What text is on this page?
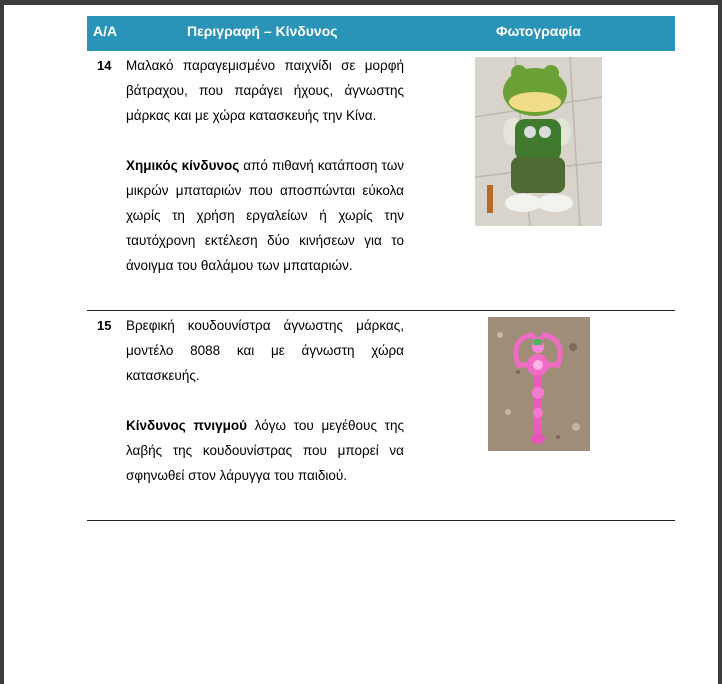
A/A	Περιγραφή – Κίνδυνος	Φωτογραφία
14 Μαλακό παραγεμισμένο παιχνίδι σε μορφή βάτραχου, που παράγει ήχους, άγνωστης μάρκας και με χώρα κατασκευής την Κίνα.

Χημικός κίνδυνος από πιθανή κατάποση των μικρών μπαταριών που αποσπώνται εύκολα χωρίς τη χρήση εργαλείων ή χωρίς την ταυτόχρονη εκτέλεση δύο κινήσεων για το άνοιγμα του θαλάμου των μπαταριών.

15 Βρεφική κουδουνίστρα άγνωστης μάρκας, μοντέλο 8088 και με άγνωστη χώρα κατασκευής.

Κίνδυνος πνιγμού λόγω του μεγέθους της λαβής της κουδουνίστρας που μπορεί να σφηνωθεί στον λάρυγγα του παιδιού.
